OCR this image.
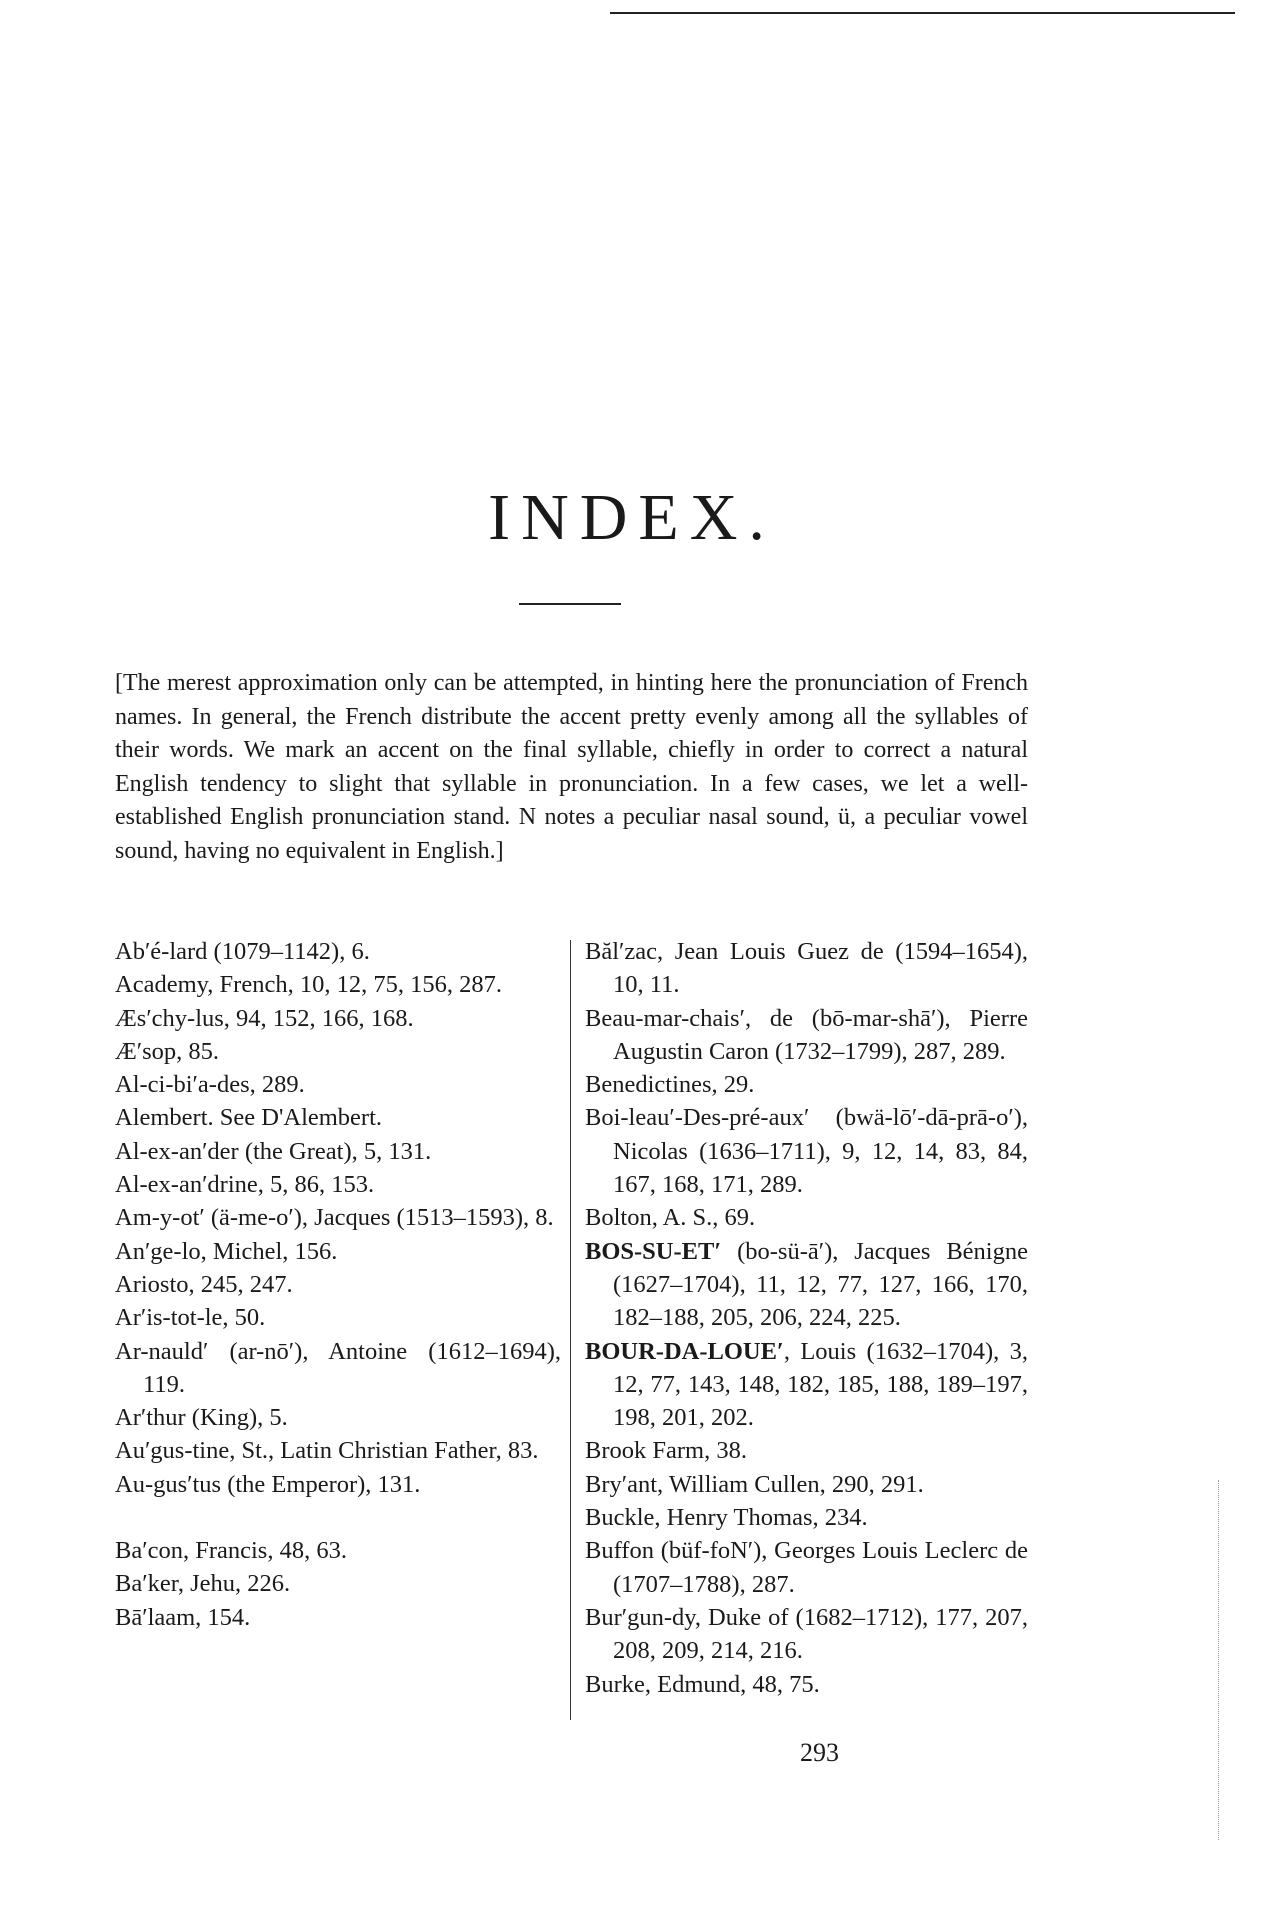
INDEX.

[The merest approximation only can be attempted, in hinting here the pronunciation of French names. In general, the French distribute the accent pretty evenly among all the syllables of their words. We mark an accent on the final syllable, chiefly in order to correct a natural English tendency to slight that syllable in pronunciation. In a few cases, we let a well-established English pronunciation stand. N notes a peculiar nasal sound, ü, a peculiar vowel sound, having no equivalent in English.]

Ab′é-lard (1079–1142), 6.
Academy, French, 10, 12, 75, 156, 287.
Æs′chy-lus, 94, 152, 166, 168.
Æ′sop, 85.
Al-ci-bi′a-des, 289.
Alembert. See D'Alembert.
Al-ex-an′der (the Great), 5, 131.
Al-ex-an′drine, 5, 86, 153.
Am-y-ot′ (ä-me-o′), Jacques (1513–1593), 8.
An′ge-lo, Michel, 156.
Ariosto, 245, 247.
Ar′is-tot-le, 50.
Ar-nauld′ (ar-nō′), Antoine (1612–1694), 119.
Ar′thur (King), 5.
Au′gus-tine, St., Latin Christian Father, 83.
Au-gus′tus (the Emperor), 131.
Ba′con, Francis, 48, 63.
Ba′ker, Jehu, 226.
Bā′laam, 154.
Băl′zac, Jean Louis Guez de (1594–1654), 10, 11.
Beau-mar-chais′, de (bō-mar-shā′), Pierre Augustin Caron (1732–1799), 287, 289.
Benedictines, 29.
Boi-leau′-Des-pré-aux′ (bwä-lō′-dā-prā-o′), Nicolas (1636–1711), 9, 12, 14, 83, 84, 167, 168, 171, 289.
Bolton, A. S., 69.
BOS-SU-ET′ (bo-sü-ā′), Jacques Bénigne (1627–1704), 11, 12, 77, 127, 166, 170, 182–188, 205, 206, 224, 225.
BOUR-DA-LOUE′, Louis (1632–1704), 3, 12, 77, 143, 148, 182, 185, 188, 189–197, 198, 201, 202.
Brook Farm, 38.
Bry′ant, William Cullen, 290, 291.
Buckle, Henry Thomas, 234.
Buffon (büf-foN′), Georges Louis Leclerc de (1707–1788), 287.
Bur′gun-dy, Duke of (1682–1712), 177, 207, 208, 209, 214, 216.
Burke, Edmund, 48, 75.
293
